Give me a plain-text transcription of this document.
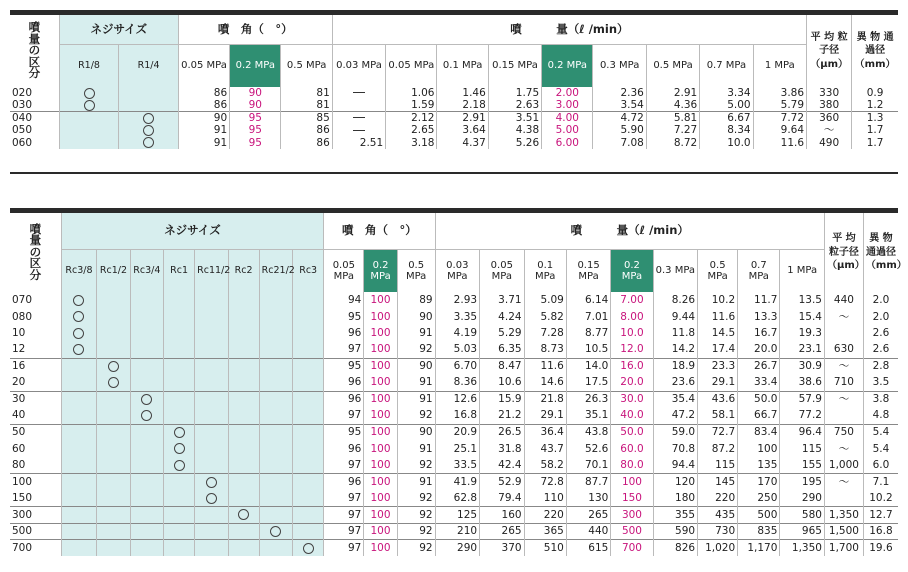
噴
量
の
区
分	ネジサイズ		噴　角（　°）			噴　　　量（ℓ /min）									平 均 粒子径 （μm）	異 物 通過径 （mm）
	R1/8	R1/4	0.05 MPa	0.2 MPa	0.5 MPa	0.03 MPa	0.05 MPa	0.1 MPa	0.15 MPa	0.2 MPa	0.3 MPa	0.5 MPa	0.7 MPa	1 MPa		
020			86	90	81		1.06	1.46	1.75	2.00	2.36	2.91	3.34	3.86	330	0.9
030			86	90	81		1.59	2.18	2.63	3.00	3.54	4.36	5.00	5.79	380	1.2
040			90	95	85		2.12	2.91	3.51	4.00	4.72	5.81	6.67	7.72	360	1.3
050			91	95	86		2.65	3.64	4.38	5.00	5.90	7.27	8.34	9.64	〜	1.7
060			91	95	86	2.51	3.18	4.37	5.26	6.00	7.08	8.72	10.0	11.6	490	1.7
噴
量
の
区
分	ネジサイズ								噴　角（　°）			噴　　　量（ℓ /min）									平 均 粒子径 （μm）	異 物 通過径 （mm）
	Rc3/8	Rc1/2	Rc3/4	Rc1	Rc11/2	Rc2	Rc21/2	Rc3	0.05 MPa	0.2 MPa	0.5 MPa	0.03 MPa	0.05 MPa	0.1 MPa	0.15 MPa	0.2 MPa	0.3 MPa	0.5 MPa	0.7 MPa	1 MPa		
070									94	100	89	2.93	3.71	5.09	6.14	7.00	8.26	10.2	11.7	13.5	440	2.0
080									95	100	90	3.35	4.24	5.82	7.01	8.00	9.44	11.6	13.3	15.4	〜	2.0
10									96	100	91	4.19	5.29	7.28	8.77	10.0	11.8	14.5	16.7	19.3		2.6
12									97	100	92	5.03	6.35	8.73	10.5	12.0	14.2	17.4	20.0	23.1	630	2.6
16									95	100	90	6.70	8.47	11.6	14.0	16.0	18.9	23.3	26.7	30.9	〜	2.8
20									96	100	91	8.36	10.6	14.6	17.5	20.0	23.6	29.1	33.4	38.6	710	3.5
30									96	100	91	12.6	15.9	21.8	26.3	30.0	35.4	43.6	50.0	57.9	〜	3.8
40									97	100	92	16.8	21.2	29.1	35.1	40.0	47.2	58.1	66.7	77.2		4.8
50									95	100	90	20.9	26.5	36.4	43.8	50.0	59.0	72.7	83.4	96.4	750	5.4
60									96	100	91	25.1	31.8	43.7	52.6	60.0	70.8	87.2	100	115	〜	5.4
80									97	100	92	33.5	42.4	58.2	70.1	80.0	94.4	115	135	155	1,000	6.0
100									96	100	91	41.9	52.9	72.8	87.7	100	120	145	170	195	〜	7.1
150									97	100	92	62.8	79.4	110	130	150	180	220	250	290		10.2
300									97	100	92	125	160	220	265	300	355	435	500	580	1,350	12.7
500									97	100	92	210	265	365	440	500	590	730	835	965	1,500	16.8
700									97	100	92	290	370	510	615	700	826	1,020	1,170	1,350	1,700	19.6
